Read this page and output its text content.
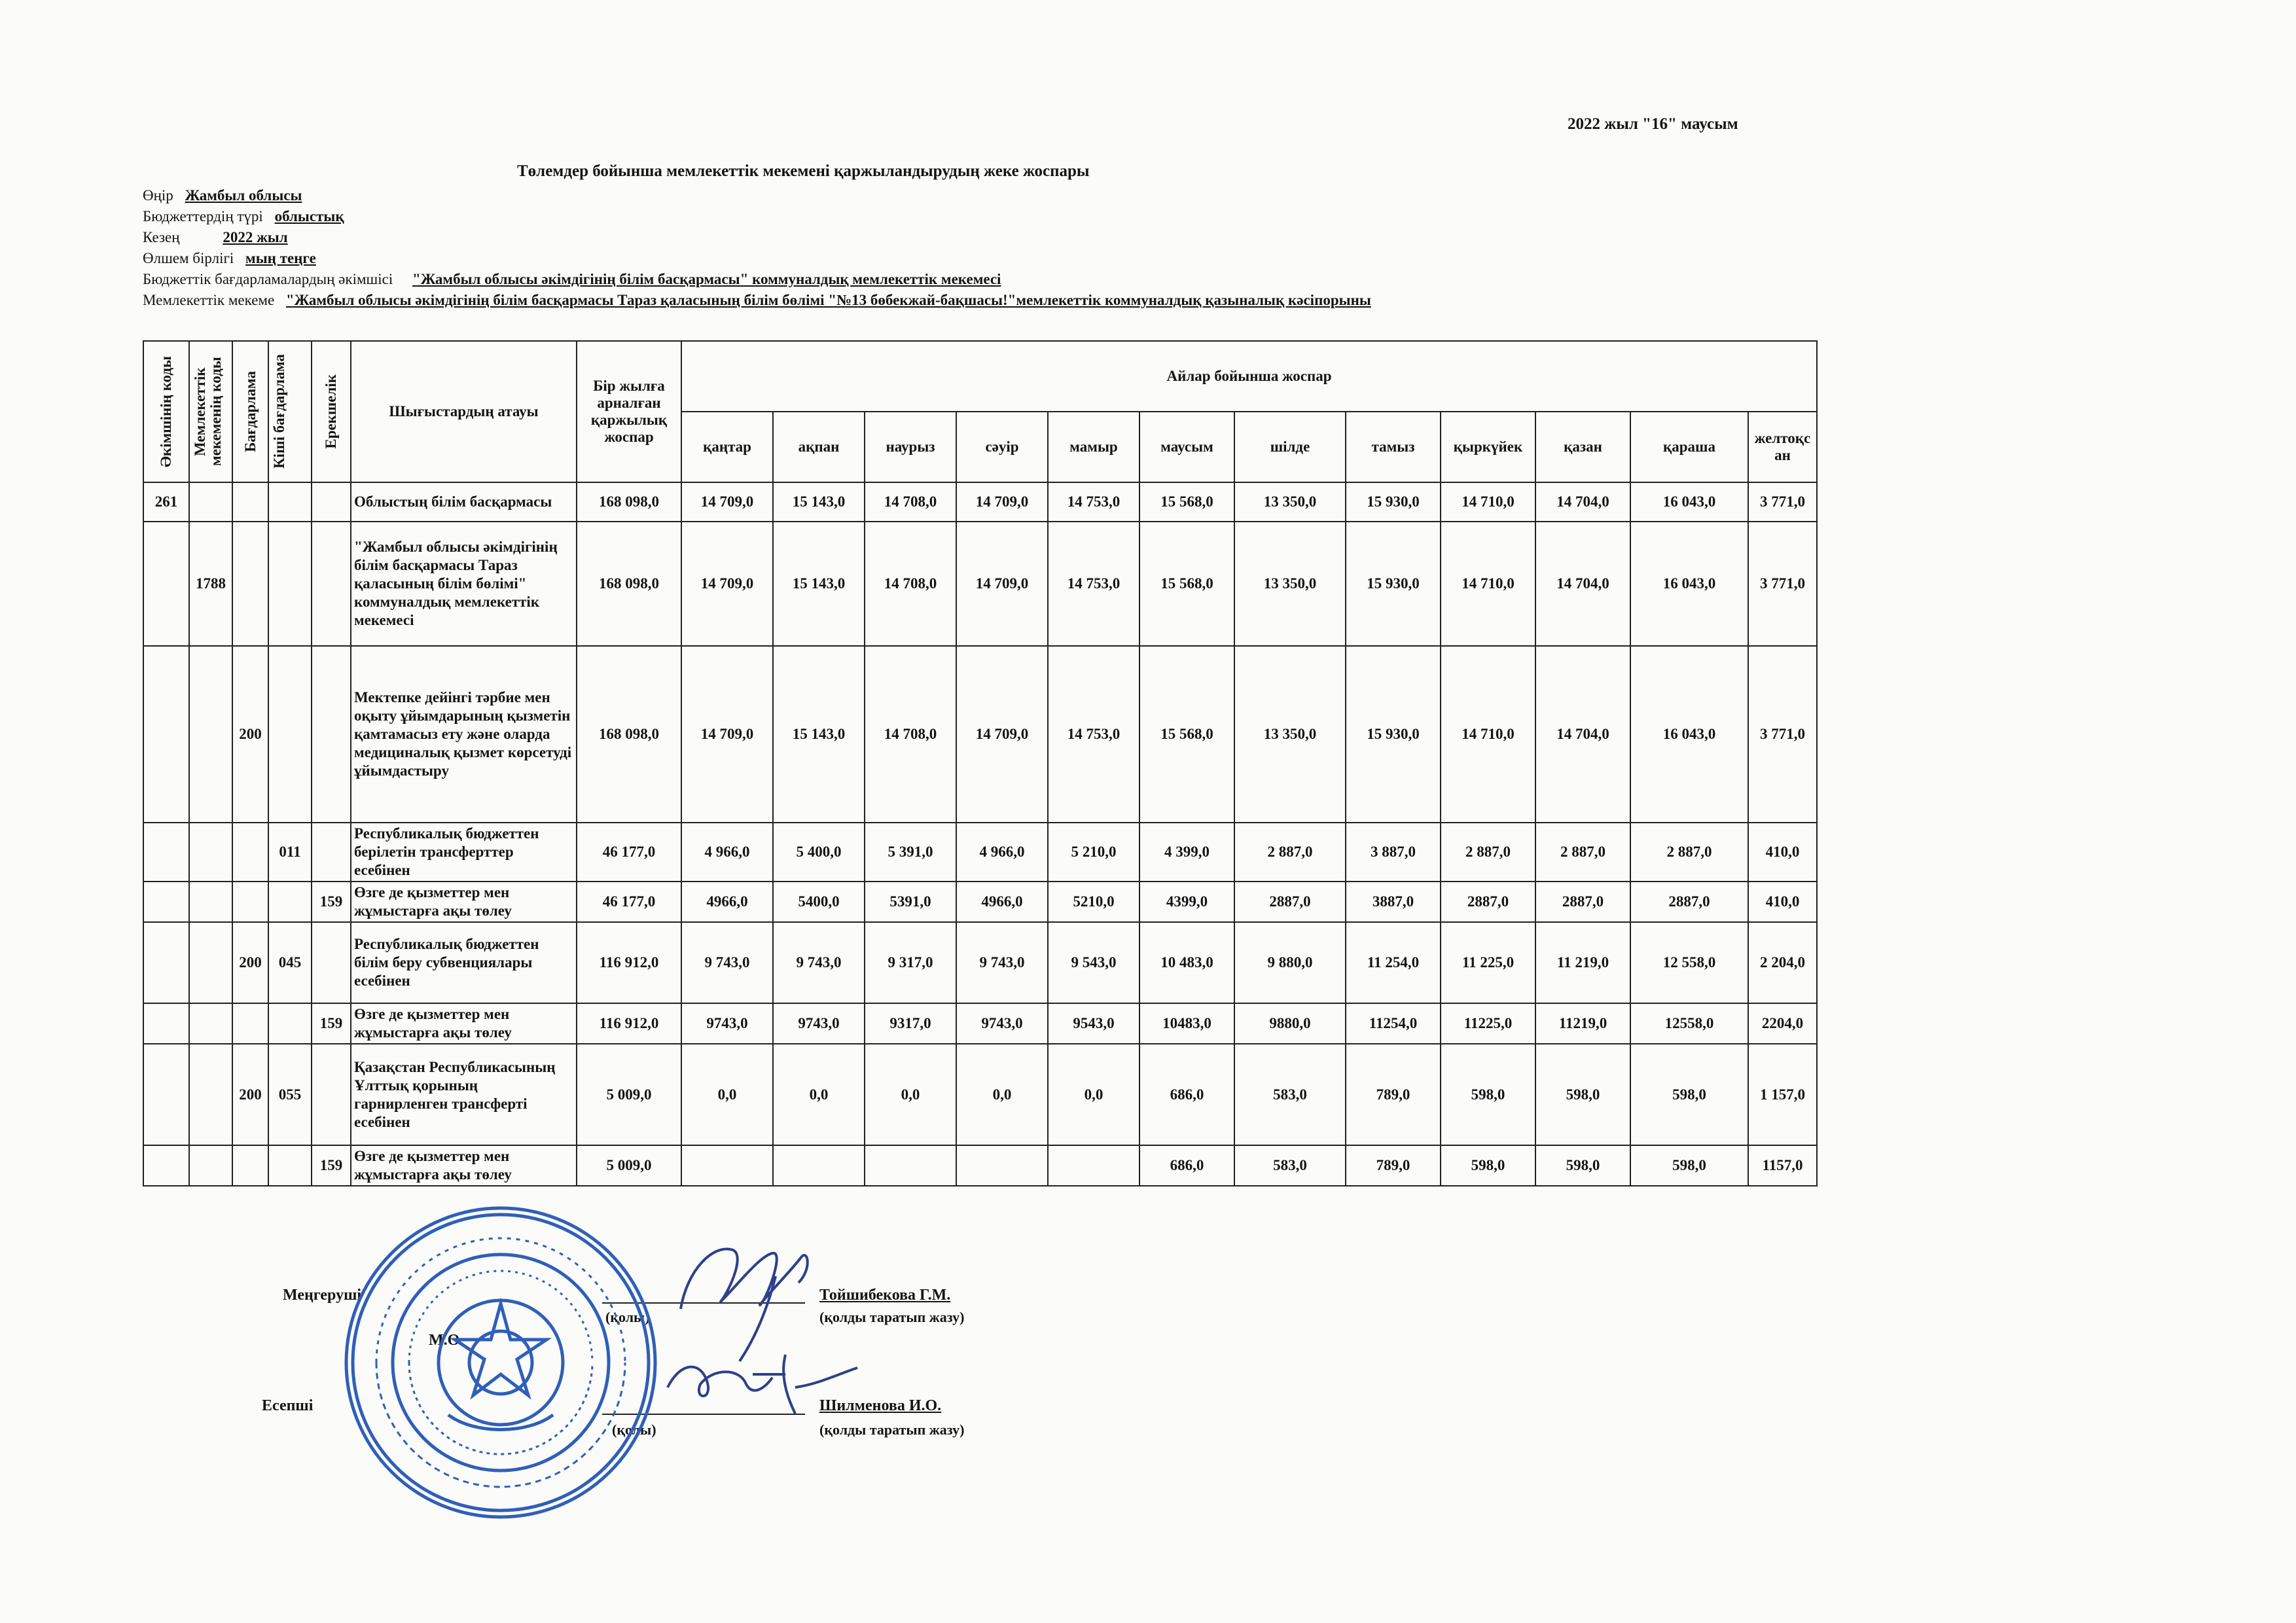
2022 жыл "16" маусым
Төлемдер бойынша мемлекеттік мекемені қаржыландырудың жеке жоспары
Өңір Жамбыл облысы
Бюджеттердің түрі облыстық
Кезең	2022 жыл
Өлшем бірлігі мың теңге
Бюджеттік бағдарламалардың әкімшісі "Жамбыл облысы әкімдігінің білім басқармасы" коммуналдық мемлекеттік мекемесі
Мемлекеттік мекеме "Жамбыл облысы әкімдігінің білім басқармасы Тараз қаласының білім бөлімі "№13 бөбекжай-бақшасы!"мемлекеттік коммуналдық қазыналық кәсіпорыны
Әкімшінің коды	Мемлекеттік мекеменің коды	Бағдарлама	Кіші бағдарлама	Ерекшелік	Шығыстардың атауы	Бір жылға арналған қаржылық жоспар	Айлар бойынша жоспар											
							қаңтар	ақпан	наурыз	сәуір	мамыр	маусым	шілде	тамыз	қыркүйек	қазан	қараша	желтоқсан
261					Облыстың білім басқармасы	168 098,0	14 709,0	15 143,0	14 708,0	14 709,0	14 753,0	15 568,0	13 350,0	15 930,0	14 710,0	14 704,0	16 043,0	3 771,0
	1788				"Жамбыл облысы әкімдігінің білім басқармасы Тараз қаласының білім бөлімі" коммуналдық мемлекеттік мекемесі	168 098,0	14 709,0	15 143,0	14 708,0	14 709,0	14 753,0	15 568,0	13 350,0	15 930,0	14 710,0	14 704,0	16 043,0	3 771,0
		200			Мектепке дейінгі тәрбие мен оқыту ұйымдарының қызметін қамтамасыз ету және оларда медициналық қызмет көрсетуді ұйымдастыру	168 098,0	14 709,0	15 143,0	14 708,0	14 709,0	14 753,0	15 568,0	13 350,0	15 930,0	14 710,0	14 704,0	16 043,0	3 771,0
			011		Республикалық бюджеттен берілетін трансферттер есебінен	46 177,0	4 966,0	5 400,0	5 391,0	4 966,0	5 210,0	4 399,0	2 887,0	3 887,0	2 887,0	2 887,0	2 887,0	410,0
				159	Өзге де қызметтер мен жұмыстарға ақы төлеу	46 177,0	4966,0	5400,0	5391,0	4966,0	5210,0	4399,0	2887,0	3887,0	2887,0	2887,0	2887,0	410,0
		200	045		Республикалық бюджеттен білім беру субвенциялары есебінен	116 912,0	9 743,0	9 743,0	9 317,0	9 743,0	9 543,0	10 483,0	9 880,0	11 254,0	11 225,0	11 219,0	12 558,0	2 204,0
				159	Өзге де қызметтер мен жұмыстарға ақы төлеу	116 912,0	9743,0	9743,0	9317,0	9743,0	9543,0	10483,0	9880,0	11254,0	11225,0	11219,0	12558,0	2204,0
		200	055		Қазақстан Республикасының Ұлттық қорының гарнирленген трансферті есебінен	5 009,0	0,0	0,0	0,0	0,0	0,0	686,0	583,0	789,0	598,0	598,0	598,0	1 157,0
				159	Өзге де қызметтер мен жұмыстарға ақы төлеу	5 009,0						686,0	583,0	789,0	598,0	598,0	598,0	1157,0
Меңгеруші	Тойшибекова Г.М.
(қолы)	(қолды таратып жазу)
М.О.
Есепші	Шилменова И.О.
(қолы)	(қолды таратып жазу)
